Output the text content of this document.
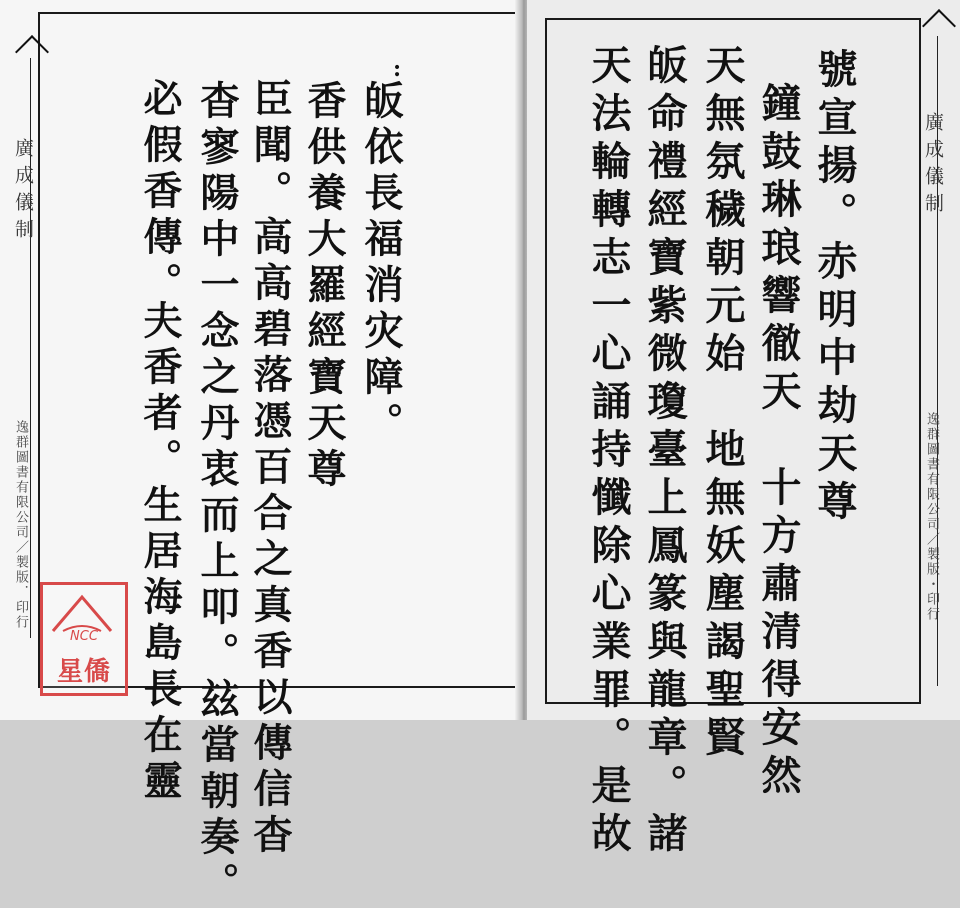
廣成儀制
逸群圖書有限公司／製版．印行
:
皈依長福消灾障。
香供養大羅經寶天尊
臣聞。高高碧落憑百合之真香以傳信杳
杳寥陽中一念之丹衷而上叩。玆當朝奏。
必假香傳。
夫香者。生居海島長在靈
NCC
星僑
廣成儀制
逸群圖書有限公司／製版・印行
號宣揚。赤明中劫天尊
鐘鼓琳琅響徹天　十方肅清得安然
天無氛穢朝元始　地無妖塵謁聖賢
皈命禮經寶紫微瓊臺上鳳篆與龍章。諸
天法輪轉志一心誦持懺除心業罪。是故
